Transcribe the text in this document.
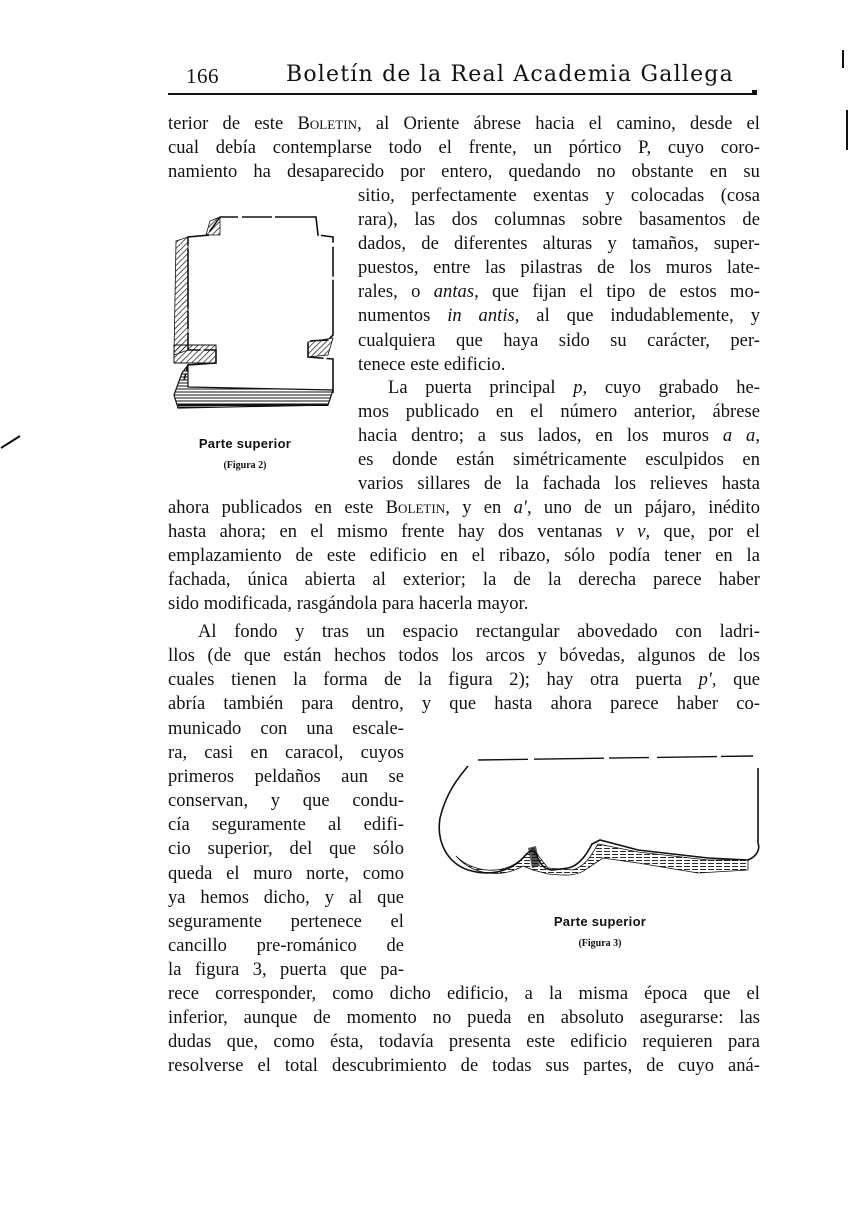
166	Boletín de la Real Academia Gallega
terior de este Boletin, al Oriente ábrese hacia el camino, desde el
cual debía contemplarse todo el frente, un pórtico P, cuyo coro-
namiento ha desaparecido por entero, quedando no obstante en su
sitio, perfectamente exentas y colocadas (cosa
rara), las dos columnas sobre basamentos de
dados, de diferentes alturas y tamaños, super-
puestos, entre las pilastras de los muros late-
rales, o antas, que fijan el tipo de estos mo-
numentos in antis, al que indudablemente, y
cualquiera que haya sido su carácter, per-
tenece este edificio.
La puerta principal p, cuyo grabado he-
mos publicado en el número anterior, ábrese
hacia dentro; a sus lados, en los muros a a,
es donde están simétricamente esculpidos en
varios sillares de la fachada los relieves hasta
ahora publicados en este Boletin, y en a', uno de un pájaro, inédito
hasta ahora; en el mismo frente hay dos ventanas v v, que, por el
emplazamiento de este edificio en el ribazo, sólo podía tener en la
fachada, única abierta al exterior; la de la derecha parece haber
sido modificada, rasgándola para hacerla mayor.
Al fondo y tras un espacio rectangular abovedado con ladri-
llos (de que están hechos todos los arcos y bóvedas, algunos de los
cuales tienen la forma de la figura 2); hay otra puerta p', que
abría también para dentro, y que hasta ahora parece haber co-
municado con una escale-
ra, casi en caracol, cuyos
primeros peldaños aun se
conservan, y que condu-
cía seguramente al edifi-
cio superior, del que sólo
queda el muro norte, como
ya hemos dicho, y al que
seguramente pertenece el
cancillo pre-románico de
la figura 3, puerta que pa-
rece corresponder, como dicho edificio, a la misma época que el
inferior, aunque de momento no pueda en absoluto asegurarse: las
dudas que, como ésta, todavía presenta este edificio requieren para
resolverse el total descubrimiento de todas sus partes, de cuyo aná-
Parte superior
(Figura 2)
Parte superior
(Figura 3)
